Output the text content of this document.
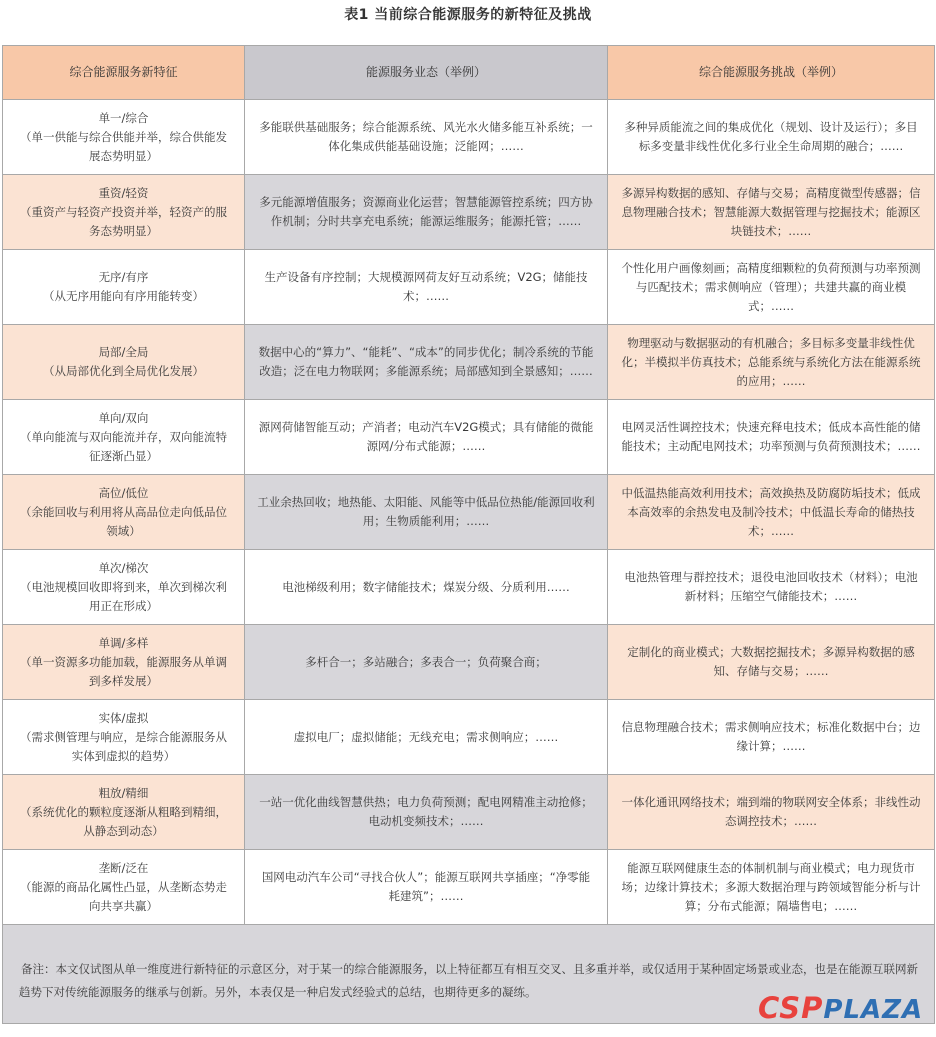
表1 当前综合能源服务的新特征及挑战
综合能源服务新特征	能源服务业态（举例）	综合能源服务挑战（举例）

单一/综合
（单一供能与综合供能并举，综合供能发展态势明显）	多能联供基础服务；综合能源系统、风光水火储多能互补系统；一体化集成供能基础设施；泛能网；……	多种异质能流之间的集成优化（规划、设计及运行）；多目标多变量非线性优化多行业全生命周期的融合；……

重资/轻资
（重资产与轻资产投资并举，轻资产的服务态势明显）	多元能源增值服务；资源商业化运营；智慧能源管控系统；四方协作机制；分时共享充电系统；能源运维服务；能源托管；……	多源异构数据的感知、存储与交易；高精度微型传感器；信息物理融合技术；智慧能源大数据管理与挖掘技术；能源区块链技术；……

无序/有序
（从无序用能向有序用能转变）	生产设备有序控制；大规模源网荷友好互动系统；V2G；储能技术；……	个性化用户画像刻画；高精度细颗粒的负荷预测与功率预测与匹配技术；需求侧响应（管理）；共建共赢的商业模式；……

局部/全局
（从局部优化到全局优化发展）	数据中心的“算力”、“能耗”、“成本”的同步优化；制冷系统的节能改造；泛在电力物联网；多能源系统；局部感知到全景感知；……	物理驱动与数据驱动的有机融合；多目标多变量非线性优化；半模拟半仿真技术；总能系统与系统化方法在能源系统的应用；……

单向/双向
（单向能流与双向能流并存，双向能流特征逐渐凸显）	源网荷储智能互动；产消者；电动汽车V2G模式；具有储能的微能源网/分布式能源；……	电网灵活性调控技术；快速充释电技术；低成本高性能的储能技术；主动配电网技术；功率预测与负荷预测技术；……

高位/低位
（余能回收与利用将从高品位走向低品位领域）	工业余热回收；地热能、太阳能、风能等中低品位热能/能源回收利用；生物质能利用；……	中低温热能高效利用技术；高效换热及防腐防垢技术；低成本高效率的余热发电及制冷技术；中低温长寿命的储热技术；……

单次/梯次
（电池规模回收即将到来，单次到梯次利用正在形成）	电池梯级利用；数字储能技术；煤炭分级、分质利用……	电池热管理与群控技术；退役电池回收技术（材料）；电池新材料；压缩空气储能技术；……

单调/多样
（单一资源多功能加载，能源服务从单调到多样发展）	多杆合一；多站融合；多表合一；负荷聚合商；	定制化的商业模式；大数据挖掘技术；多源异构数据的感知、存储与交易；……

实体/虚拟
（需求侧管理与响应，是综合能源服务从实体到虚拟的趋势）	虚拟电厂；虚拟储能；无线充电；需求侧响应；……	信息物理融合技术；需求侧响应技术；标准化数据中台；边缘计算；……

粗放/精细
（系统优化的颗粒度逐渐从粗略到精细，从静态到动态）	一站一优化曲线智慧供热；电力负荷预测；配电网精准主动抢修；电动机变频技术；……	一体化通讯网络技术；端到端的物联网安全体系；非线性动态调控技术；……

垄断/泛在
（能源的商品化属性凸显，从垄断态势走向共享共赢）	国网电动汽车公司“寻找合伙人”；能源互联网共享插座；“净零能耗建筑”；……	能源互联网健康生态的体制机制与商业模式；电力现货市场；边缘计算技术；多源大数据治理与跨领域智能分析与计算；分布式能源；隔墙售电；……

备注：本文仅试图从单一维度进行新特征的示意区分，对于某一的综合能源服务，以上特征都互有相互交叉、且多重并举，或仅适用于某种固定场景或业态，也是在能源互联网新趋势下对传统能源服务的继承与创新。另外，本表仅是一种启发式经验式的总结，也期待更多的凝练。			CSPPLAZA
